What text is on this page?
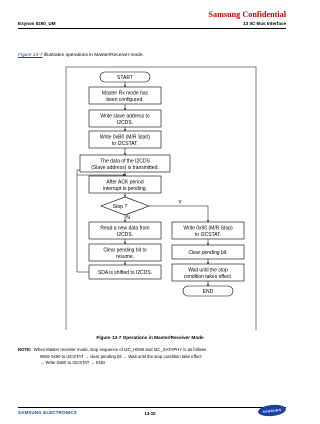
Samsung Confidential
Exynos 5250_UM	13 IIC-Bus Interface
Figure 13-7 illustrates operations in Master/Receiver mode.
START
Master Rx mode has
been configured.
Write slave address to
I2CDS.
Write 0xB0 (M/R Start)
to I2CSTAT.
The data of the I2CDS
(Slave address) is transmitted.
After ACK period
interrupt is pending.
Stop ?
Y
N
Read a new data from
I2CDS.
Clear pending bit to
resume.
SDA is shifted to I2CDS.
Write 0x90 (M/R Stop)
to I2CSTAT.
Clear pending bit.
Wait until the stop
condition takes effect.
END
Figure 13-7 Operations in Master/Receiver Mode
NOTE: When Master receiver mode, stop sequence of I2C_HDMI and I2C_SATAPHY is as follows
Write 0x90 to I2CSTAT → clear pending bit → Wait until the stop condition take effect
→ Write 0xB0 to I2CSTAT → END
SAMSUNG ELECTRONICS	13-10
SAMSUNG
